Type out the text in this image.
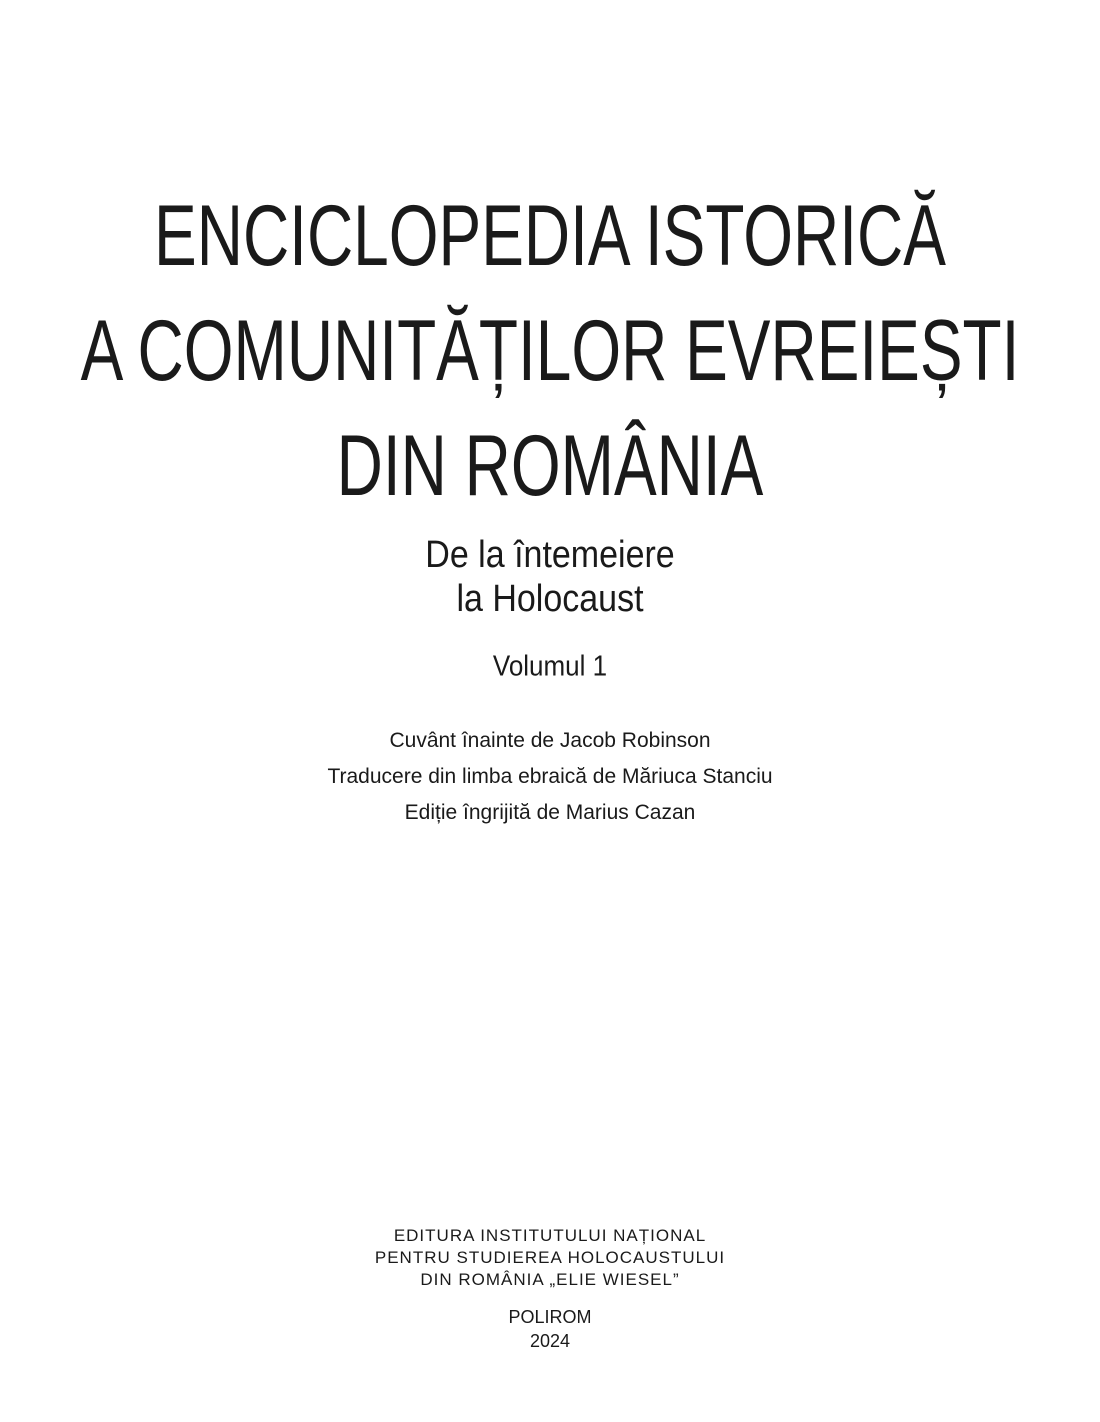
ENCICLOPEDIA ISTORICĂ
A COMUNITĂȚILOR EVREIEȘTI
DIN ROMÂNIA
De la întemeiere
la Holocaust
Volumul 1
Cuvânt înainte de Jacob Robinson
Traducere din limba ebraică de Măriuca Stanciu
Ediție îngrijită de Marius Cazan
EDITURA INSTITUTULUI NAȚIONAL
PENTRU STUDIEREA HOLOCAUSTULUI
DIN ROMÂNIA „ELIE WIESEL”
POLIROM
2024
